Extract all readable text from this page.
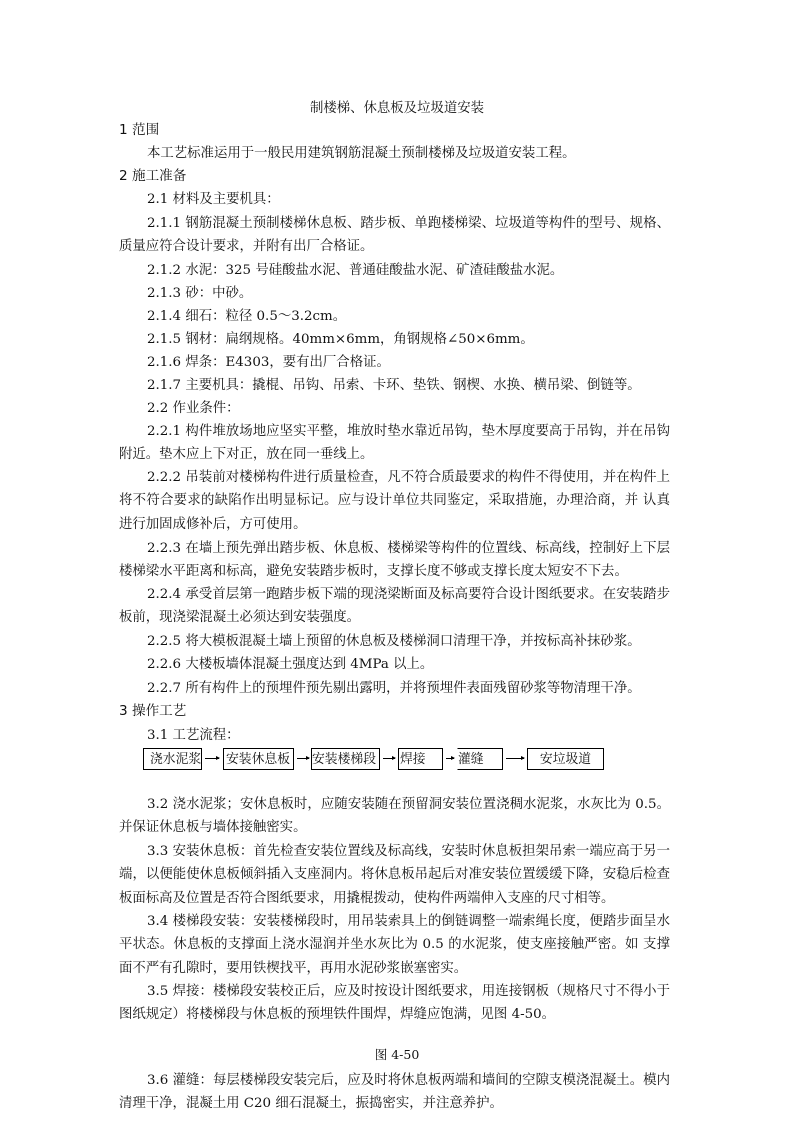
制楼梯、休息板及垃圾道安装
1 范围
本工艺标准运用于一般民用建筑钢筋混凝土预制楼梯及垃圾道安装工程。
2 施工准备
2.1 材料及主要机具：
2.1.1 钢筋混凝土预制楼梯休息板、踏步板、单跑楼梯梁、垃圾道等构件的型号、规格、质量应符合设计要求，并附有出厂合格证。
2.1.2 水泥：325 号硅酸盐水泥、普通硅酸盐水泥、矿渣硅酸盐水泥。
2.1.3 砂：中砂。
2.1.4 细石：粒径 0.5～3.2cm。
2.1.5 钢材：扁纲规格。40mm×6mm，角钢规格∠50×6mm。
2.1.6 焊条：E4303，要有出厂合格证。
2.1.7 主要机具：撬棍、吊钩、吊索、卡环、垫铁、钢楔、水换、横吊梁、倒链等。
2.2 作业条件：
2.2.1 构件堆放场地应坚实平整，堆放时垫水靠近吊钩，垫木厚度要高于吊钩，并在吊钩附近。垫木应上下对正，放在同一垂线上。
2.2.2 吊装前对楼梯构件进行质量检查，凡不符合质最要求的构件不得使用，并在构件上将不符合要求的缺陷作出明显标记。应与设计单位共同鉴定，采取措施，办理洽商，并 认真进行加固成修补后，方可使用。
2.2.3 在墙上预先弹出踏步板、休息板、楼梯梁等构件的位置线、标高线，控制好上下层楼梯梁水平距离和标高，避免安装踏步板时，支撑长度不够或支撑长度太短安不下去。
2.2.4 承受首层第一跑踏步板下端的现浇梁断面及标高要符合设计图纸要求。在安装踏步板前，现浇梁混凝土必须达到安装强度。
2.2.5 将大模板混凝土墙上预留的休息板及楼梯洞口清理干净，并按标高补抹砂浆。
2.2.6 大楼板墙体混凝土强度达到 4MPa 以上。
2.2.7 所有构件上的预埋件预先剔出露明，并将预埋件表面残留砂浆等物清理干净。
3 操作工艺
3.1 工艺流程：
浇水泥浆 安装休息板	安装楼梯段	焊接	灌缝	安垃圾道
3.2 浇水泥浆；安休息板时，应随安装随在预留洞安装位置浇稠水泥浆，水灰比为 0.5。并保证休息板与墙体接触密实。
3.3 安装休息板：首先检查安装位置线及标高线，安装时休息板担架吊索一端应高于另一端，以便能使休息板倾斜插入支座洞内。将休息板吊起后对准安装位置缓缓下降，安稳后检查板面标高及位置是否符合图纸要求，用撬棍拨动，使构件两端伸入支座的尺寸相等。
3.4 楼梯段安装：安装楼梯段时，用吊装索具上的倒链调整一端索绳长度，便踏步面呈水平状态。休息板的支撑面上浇水湿润并坐水灰比为 0.5 的水泥浆，使支座接触严密。如 支撑面不严有孔隙时，要用铁楔找平，再用水泥砂浆嵌塞密实。
3.5 焊接：楼梯段安装校正后，应及时按设计图纸要求，用连接钢板（规格尺寸不得小于图纸规定）将楼梯段与休息板的预埋铁件围焊，焊缝应饱满，见图 4-50。
图 4-50
3.6 灌缝：每层楼梯段安装完后，应及时将休息板两端和墙间的空隙支模浇混凝土。模内清理干净，混凝土用 C20 细石混凝土，振捣密实，并注意养护。
